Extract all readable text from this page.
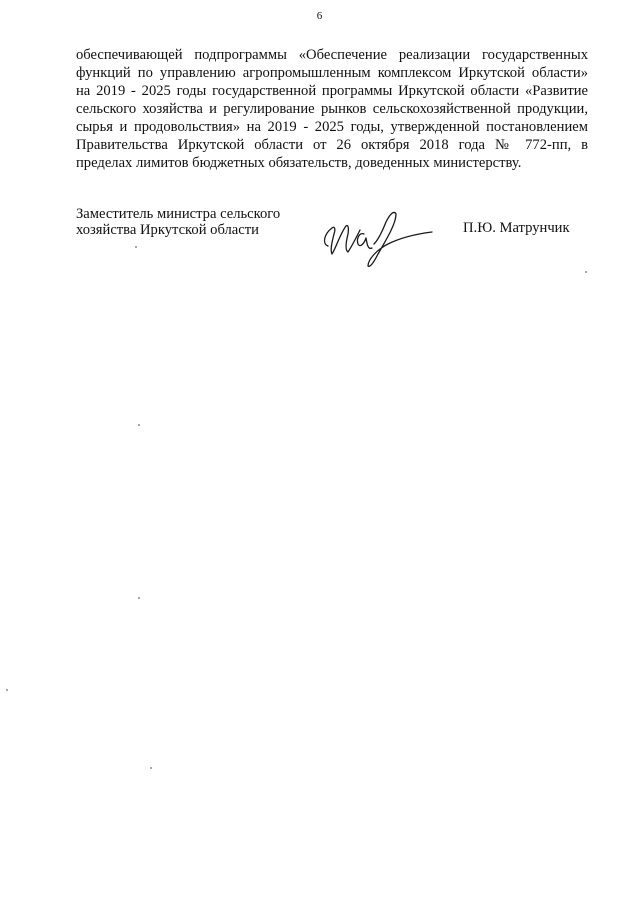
6
обеспечивающей подпрограммы «Обеспечение реализации государственных
функций по управлению агропромышленным комплексом Иркутской области»
на 2019 - 2025 годы государственной программы Иркутской области «Развитие
сельского хозяйства и регулирование рынков сельскохозяйственной продукции,
сырья и продовольствия» на 2019 - 2025 годы, утвержденной постановлением
Правительства Иркутской области от 26 октября 2018 года № 772-пп, в
пределах лимитов бюджетных обязательств, доведенных министерству.
Заместитель министра сельского
хозяйства Иркутской области	П.Ю. Матрунчик
